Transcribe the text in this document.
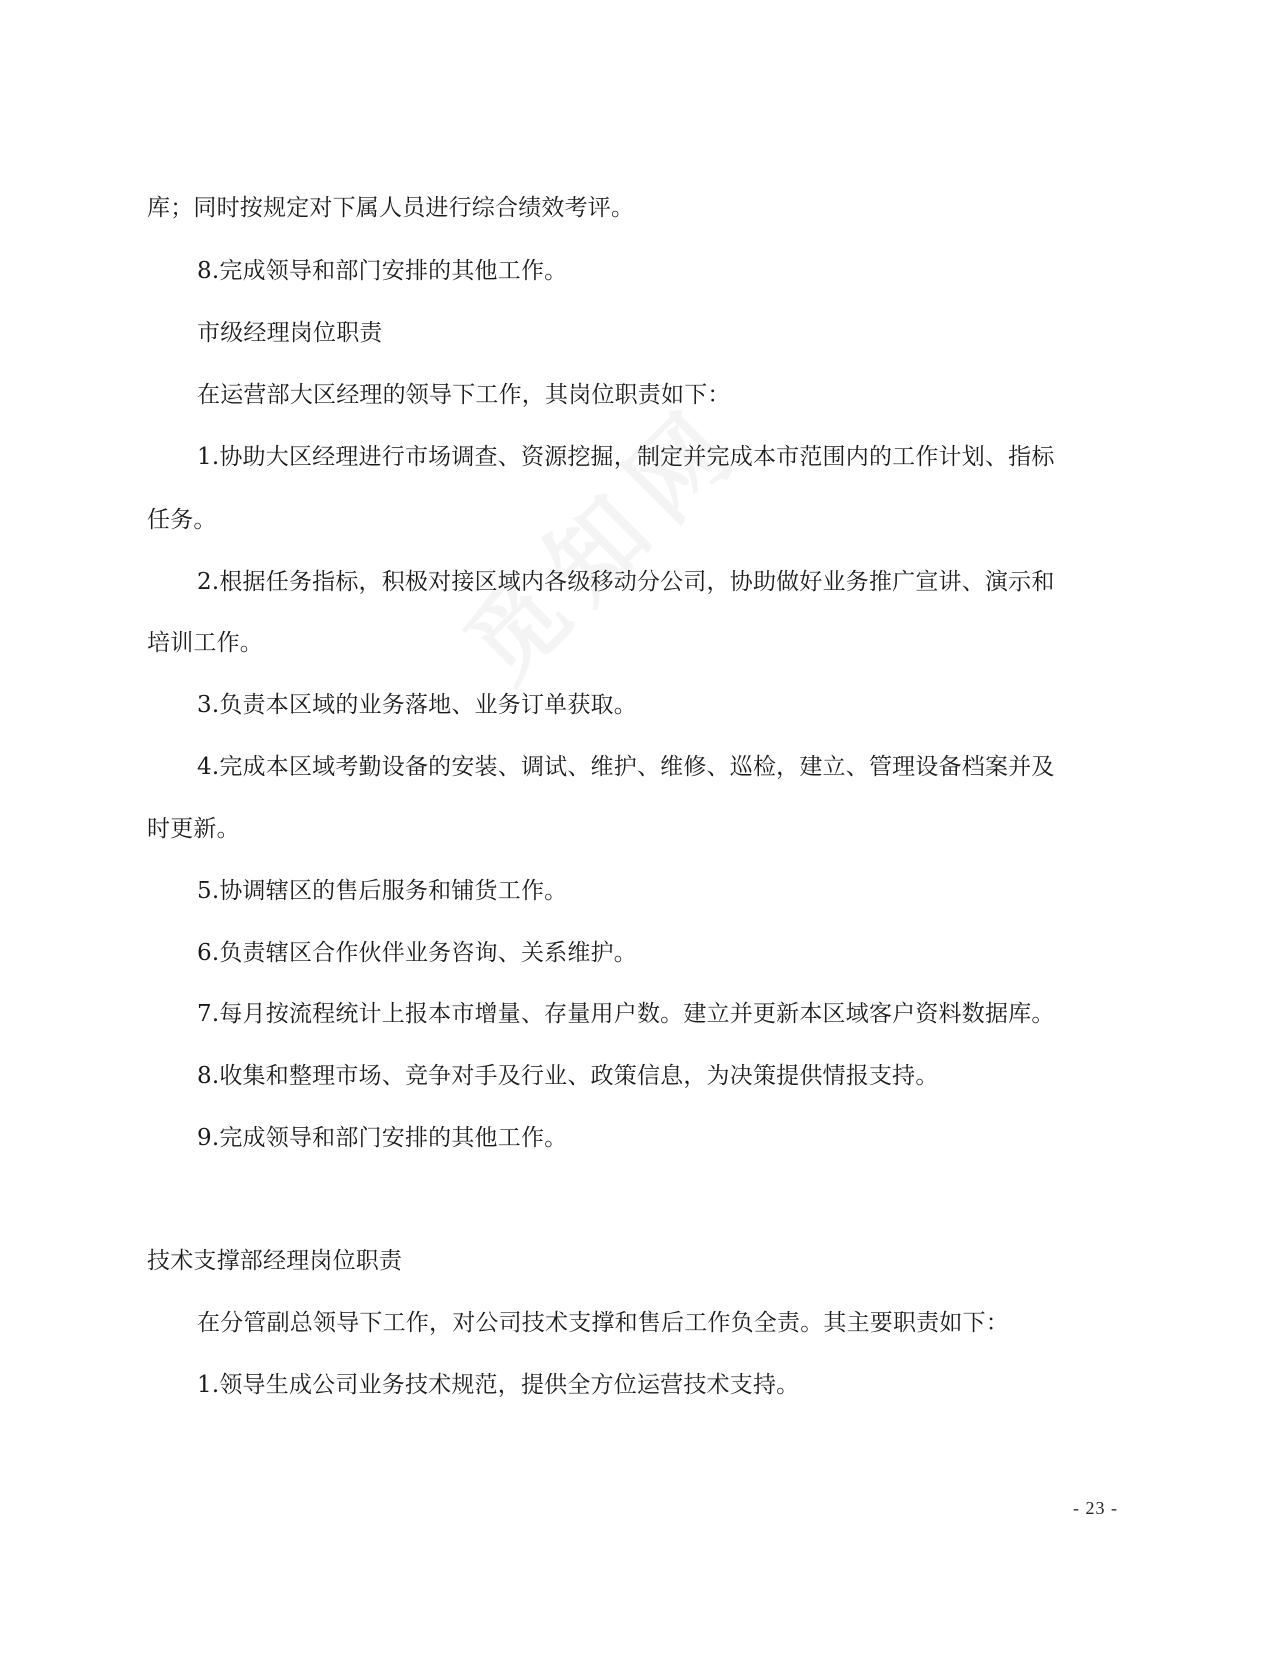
库；同时按规定对下属人员进行综合绩效考评。
8.完成领导和部门安排的其他工作。
市级经理岗位职责
在运营部大区经理的领导下工作，其岗位职责如下：
1.协助大区经理进行市场调查、资源挖掘，制定并完成本市范围内的工作计划、指标
任务。
2.根据任务指标，积极对接区域内各级移动分公司，协助做好业务推广宣讲、演示和
培训工作。
3.负责本区域的业务落地、业务订单获取。
4.完成本区域考勤设备的安装、调试、维护、维修、巡检，建立、管理设备档案并及
时更新。
5.协调辖区的售后服务和铺货工作。
6.负责辖区合作伙伴业务咨询、关系维护。
7.每月按流程统计上报本市增量、存量用户数。建立并更新本区域客户资料数据库。
8.收集和整理市场、竞争对手及行业、政策信息，为决策提供情报支持。
9.完成领导和部门安排的其他工作。
技术支撑部经理岗位职责
在分管副总领导下工作，对公司技术支撑和售后工作负全责。其主要职责如下：
1.领导生成公司业务技术规范，提供全方位运营技术支持。
- 23 -
